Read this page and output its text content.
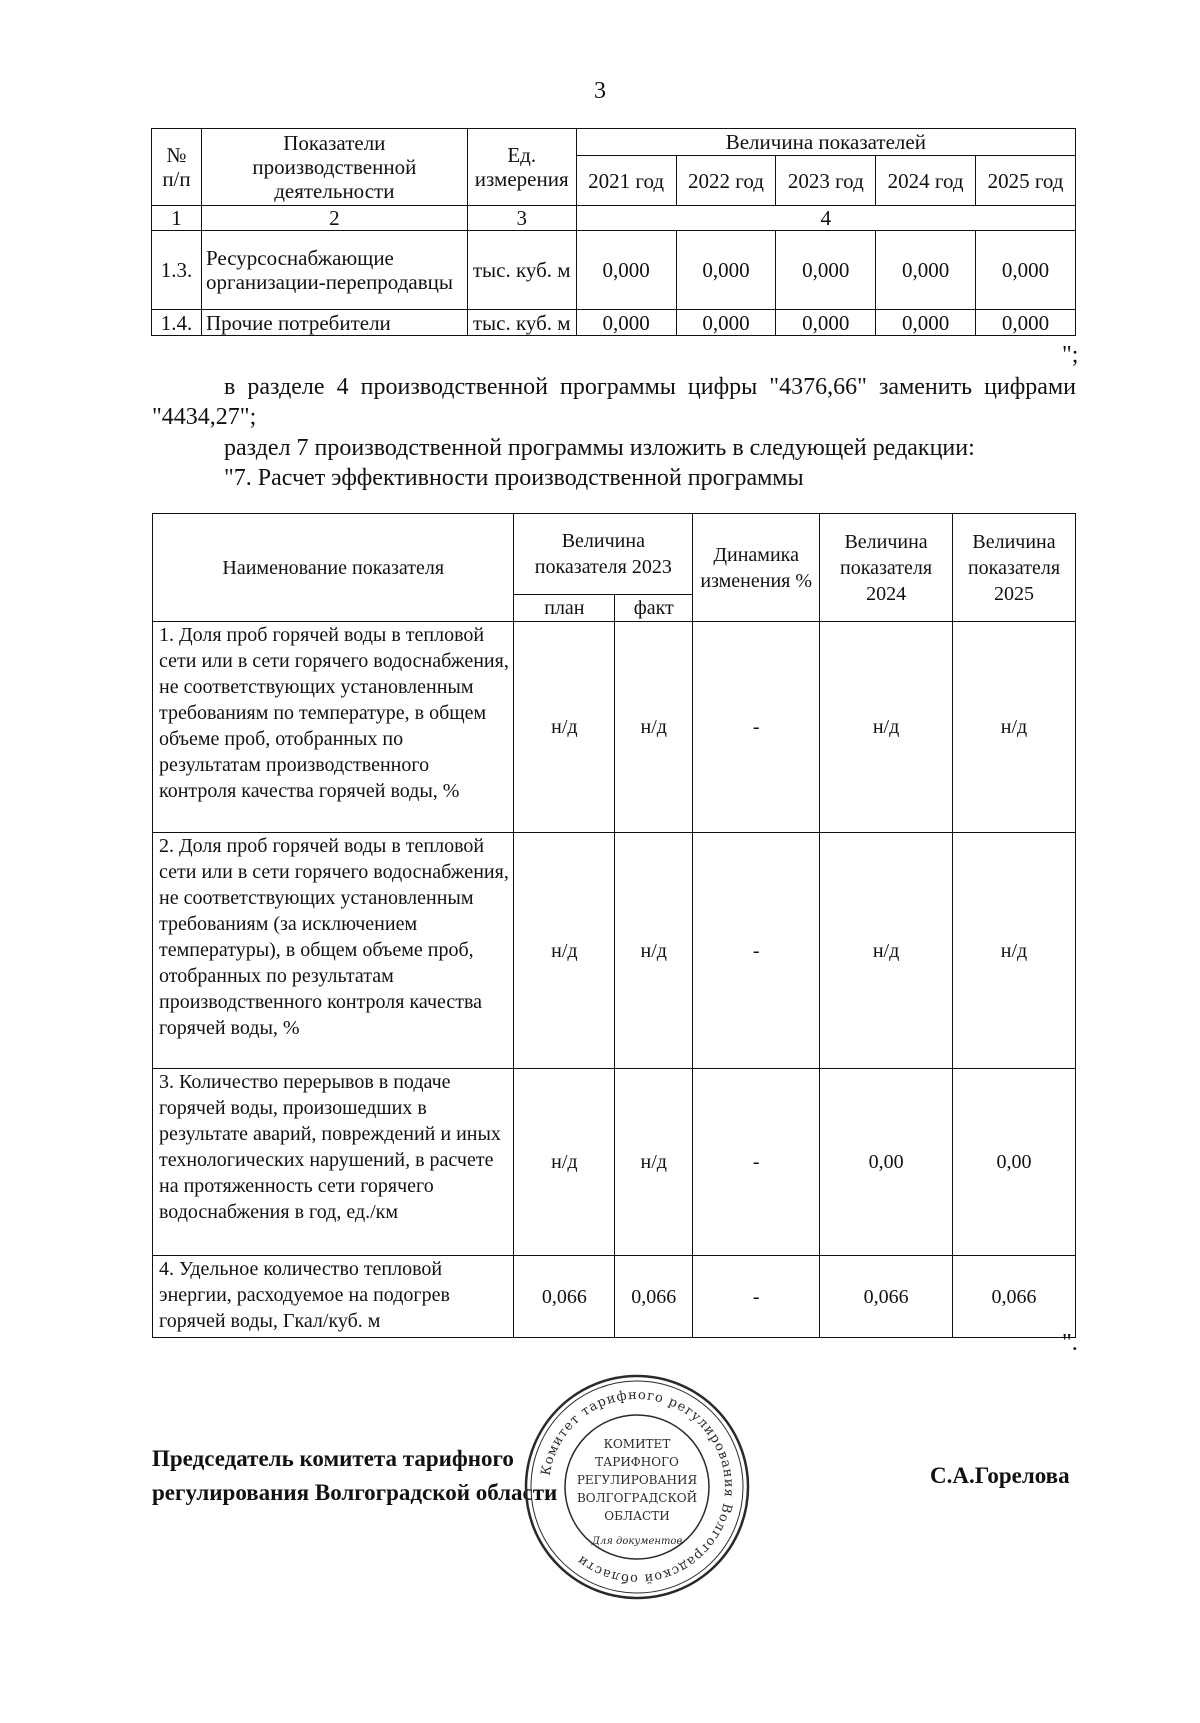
3
№ п/п	Показатели производственной деятельности	Ед. измерения	Величина показателей				
			2021 год	2022 год	2023 год	2024 год	2025 год
1	2	3	4				
1.3.	Ресурсоснабжающие организации-перепродавцы	тыс. куб. м	0,000	0,000	0,000	0,000	0,000
1.4.	Прочие потребители	тыс. куб. м	0,000	0,000	0,000	0,000	0,000
";
в разделе 4 производственной программы цифры "4376,66" заменить цифрами "4434,27";
раздел 7 производственной программы изложить в следующей редакции:
"7. Расчет эффективности производственной программы
Наименование показателя	Величина показателя 2023		Динамика изменения %	Величина показателя 2024	Величина показателя 2025
	план	факт			
1. Доля проб горячей воды в тепловой сети или в сети горячего водоснабжения, не соответствующих установленным требованиям по температуре, в общем объеме проб, отобранных по результатам производственного контроля качества горячей воды, %	н/д	н/д	-	н/д	н/д
2. Доля проб горячей воды в тепловой сети или в сети горячего водоснабжения, не соответствующих установленным требованиям (за исключением температуры), в общем объеме проб, отобранных по результатам производственного контроля качества горячей воды, %	н/д	н/д	-	н/д	н/д
3. Количество перерывов в подаче горячей воды, произошедших в результате аварий, повреждений и иных технологических нарушений, в расчете на протяженность сети горячего водоснабжения в год, ед./км	н/д	н/д	-	0,00	0,00
4. Удельное количество тепловой энергии, расходуемое на подогрев горячей воды, Гкал/куб. м	0,066	0,066	-	0,066	0,066
".
Председатель комитета тарифного
регулирования Волгоградской области
С.А.Горелова
Комитет тарифного регулирования Волгоградской области
КОМИТЕТ
ТАРИФНОГО
РЕГУЛИРОВАНИЯ
ВОЛГОГРАДСКОЙ
ОБЛАСТИ
Для документов
